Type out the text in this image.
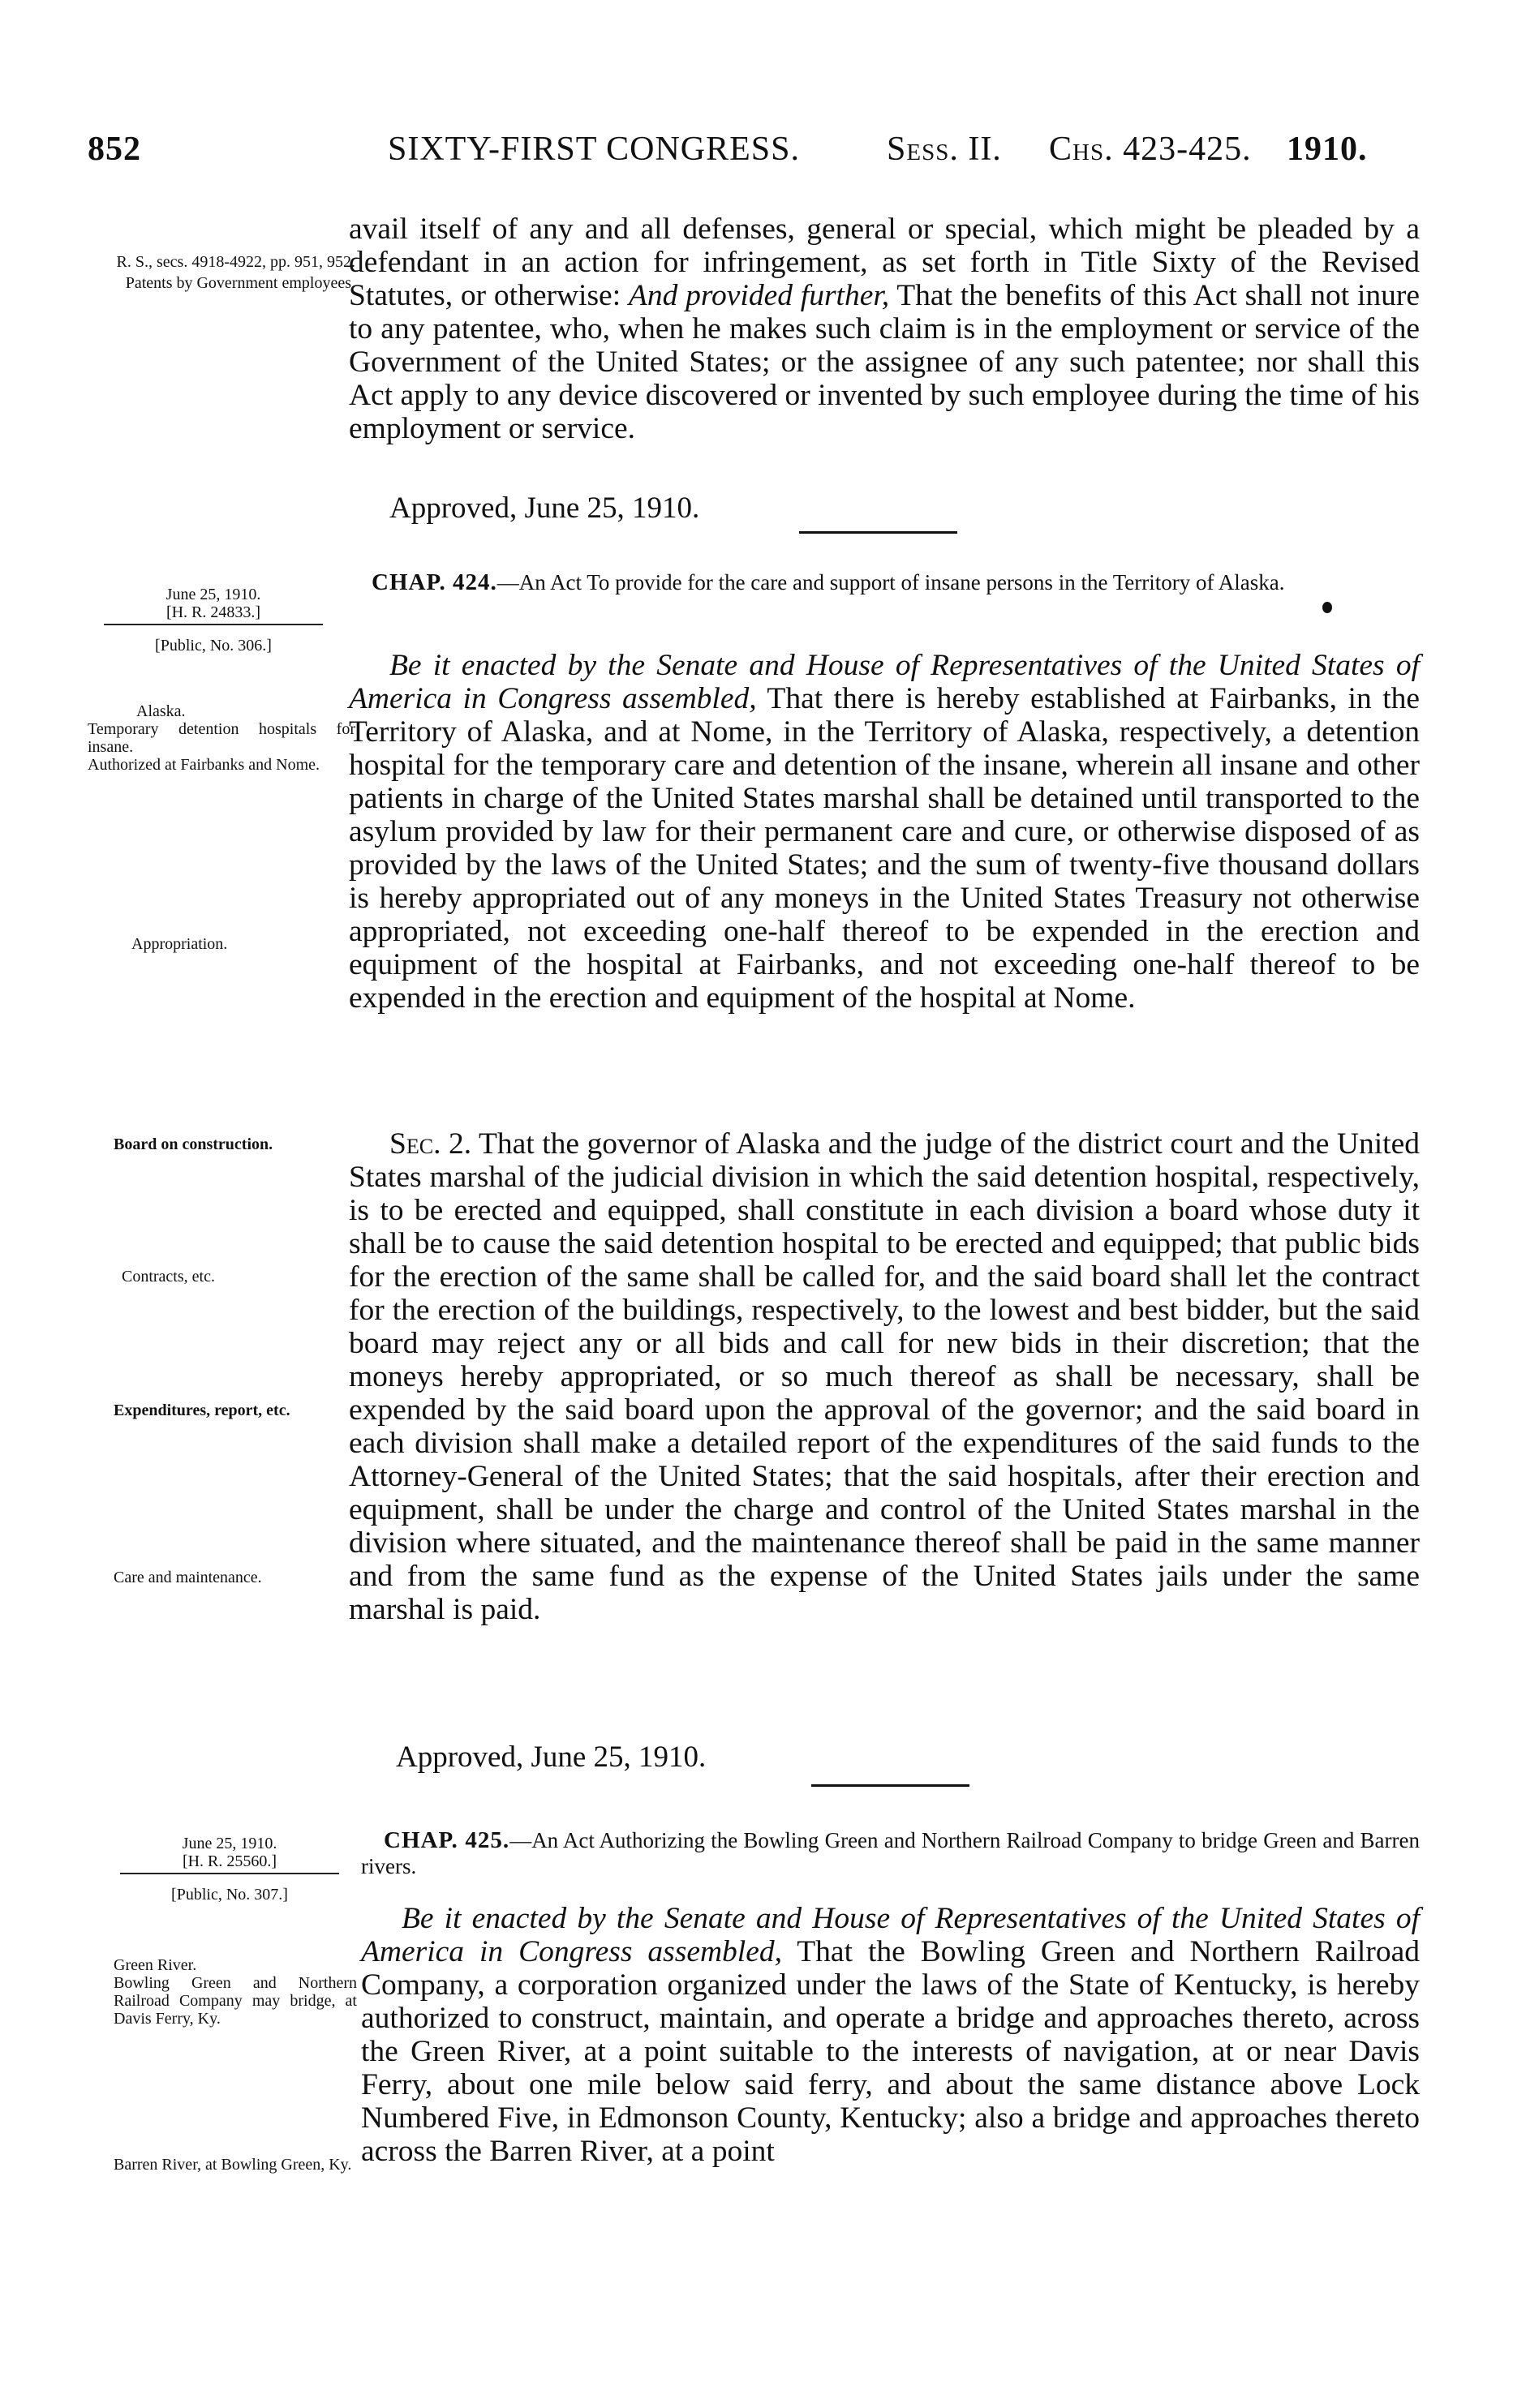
852	SIXTY-FIRST CONGRESS.	Sess. II. Chs. 423-425. 1910.

R. S., secs. 4918-4922, pp. 951, 952.

Patents by Government employees.

avail itself of any and all defenses, general or special, which might be pleaded by a defendant in an action for infringement, as set forth in Title Sixty of the Revised Statutes, or otherwise: And provided further, That the benefits of this Act shall not inure to any patentee, who, when he makes such claim is in the employment or service of the Government of the United States; or the assignee of any such patentee; nor shall this Act apply to any device discovered or invented by such employee during the time of his employment or service.

Approved, June 25, 1910.

June 25, 1910.

[H. R. 24833.]

[Public, No. 306.]

CHAP. 424.—An Act To provide for the care and support of insane persons in the Territory of Alaska.

Alaska.

Temporary detention hospitals for insane.

Authorized at Fairbanks and Nome.

Appropriation.

Be it enacted by the Senate and House of Representatives of the United States of America in Congress assembled, That there is hereby established at Fairbanks, in the Territory of Alaska, and at Nome, in the Territory of Alaska, respectively, a detention hospital for the temporary care and detention of the insane, wherein all insane and other patients in charge of the United States marshal shall be detained until transported to the asylum provided by law for their permanent care and cure, or otherwise disposed of as provided by the laws of the United States; and the sum of twenty-five thousand dollars is hereby appropriated out of any moneys in the United States Treasury not otherwise appropriated, not exceeding one-half thereof to be expended in the erection and equipment of the hospital at Fairbanks, and not exceeding one-half thereof to be expended in the erection and equipment of the hospital at Nome.

Board on construction.

Contracts, etc.

Expenditures, report, etc.

Care and maintenance.

Sec. 2. That the governor of Alaska and the judge of the district court and the United States marshal of the judicial division in which the said detention hospital, respectively, is to be erected and equipped, shall constitute in each division a board whose duty it shall be to cause the said detention hospital to be erected and equipped; that public bids for the erection of the same shall be called for, and the said board shall let the contract for the erection of the buildings, respectively, to the lowest and best bidder, but the said board may reject any or all bids and call for new bids in their discretion; that the moneys hereby appropriated, or so much thereof as shall be necessary, shall be expended by the said board upon the approval of the governor; and the said board in each division shall make a detailed report of the expenditures of the said funds to the Attorney-General of the United States; that the said hospitals, after their erection and equipment, shall be under the charge and control of the United States marshal in the division where situated, and the maintenance thereof shall be paid in the same manner and from the same fund as the expense of the United States jails under the same marshal is paid.

Approved, June 25, 1910.

June 25, 1910.

[H. R. 25560.]

[Public, No. 307.]

CHAP. 425.—An Act Authorizing the Bowling Green and Northern Railroad Company to bridge Green and Barren rivers.

Green River.

Bowling Green and Northern Railroad Company may bridge, at Davis Ferry, Ky.

Barren River, at Bowling Green, Ky.

Be it enacted by the Senate and House of Representatives of the United States of America in Congress assembled, That the Bowling Green and Northern Railroad Company, a corporation organized under the laws of the State of Kentucky, is hereby authorized to construct, maintain, and operate a bridge and approaches thereto, across the Green River, at a point suitable to the interests of navigation, at or near Davis Ferry, about one mile below said ferry, and about the same distance above Lock Numbered Five, in Edmonson County, Kentucky; also a bridge and approaches thereto across the Barren River, at a point
